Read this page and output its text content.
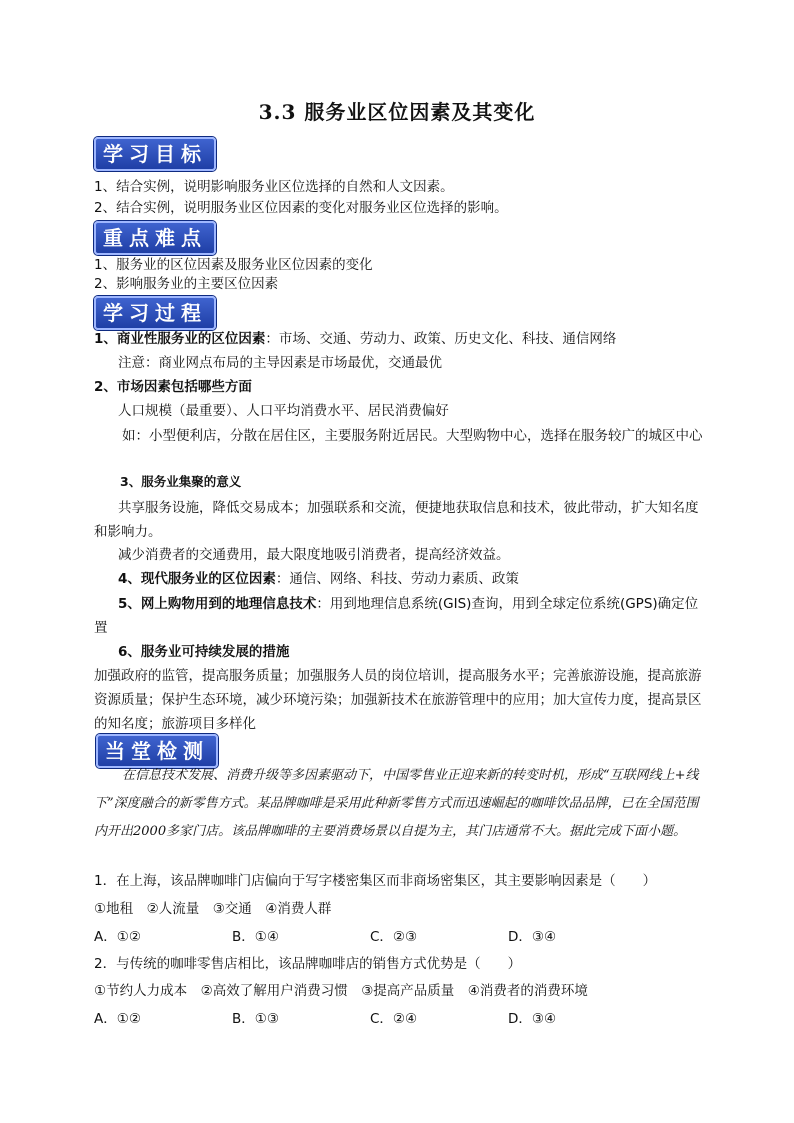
3.3 服务业区位因素及其变化
学习目标
1、结合实例，说明影响服务业区位选择的自然和人文因素。
2、结合实例，说明服务业区位因素的变化对服务业区位选择的影响。
重点难点
1、服务业的区位因素及服务业区位因素的变化
2、影响服务业的主要区位因素
学习过程
1、商业性服务业的区位因素：市场、交通、劳动力、政策、历史文化、科技、通信网络
注意：商业网点布局的主导因素是市场最优，交通最优
2、市场因素包括哪些方面
人口规模（最重要）、人口平均消费水平、居民消费偏好
如：小型便利店，分散在居住区，主要服务附近居民。大型购物中心，选择在服务较广的城区中心
3、服务业集聚的意义
共享服务设施，降低交易成本；加强联系和交流，便捷地获取信息和技术，彼此带动，扩大知名度和影响力。
减少消费者的交通费用，最大限度地吸引消费者，提高经济效益。
4、现代服务业的区位因素：通信、网络、科技、劳动力素质、政策
5、网上购物用到的地理信息技术：用到地理信息系统(GIS)查询，用到全球定位系统(GPS)确定位置
6、服务业可持续发展的措施
加强政府的监管，提高服务质量；加强服务人员的岗位培训，提高服务水平；完善旅游设施，提高旅游资源质量；保护生态环境，减少环境污染；加强新技术在旅游管理中的应用；加大宣传力度，提高景区的知名度；旅游项目多样化
当堂检测
在信息技术发展、消费升级等多因素驱动下，中国零售业正迎来新的转变时机，形成“互联网线上+线下”深度融合的新零售方式。某品牌咖啡是采用此种新零售方式而迅速崛起的咖啡饮品品牌，已在全国范围内开出2000多家门店。该品牌咖啡的主要消费场景以自提为主，其门店通常不大。据此完成下面小题。
1．在上海，该品牌咖啡门店偏向于写字楼密集区而非商场密集区，其主要影响因素是（　　）
①地租　②人流量　③交通　④消费人群
A．①②	B．①④	C．②③	D．③④
2．与传统的咖啡零售店相比，该品牌咖啡店的销售方式优势是（　　）
①节约人力成本　②高效了解用户消费习惯　③提高产品质量　④消费者的消费环境
A．①②	B．①③	C．②④	D．③④
